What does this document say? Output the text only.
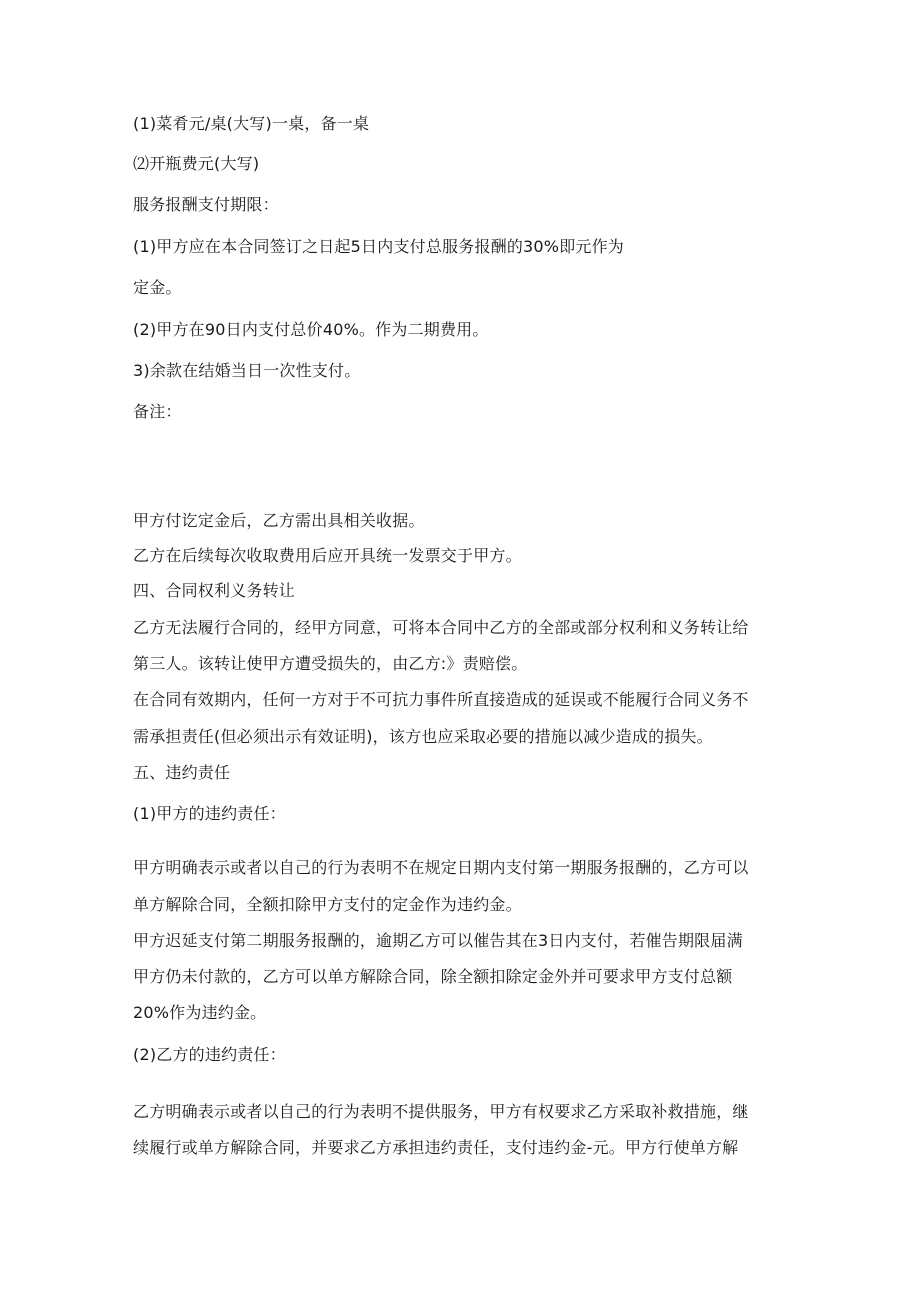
(1)菜肴元/桌(大写)一桌，备一桌
⑵开瓶费元(大写)
服务报酬支付期限：
(1)甲方应在本合同签订之日起5日内支付总服务报酬的30%即元作为
定金。
(2)甲方在90日内支付总价40%。作为二期费用。
3)余款在结婚当日一次性支付。
备注：
甲方付讫定金后，乙方需出具相关收据。
乙方在后续每次收取费用后应开具统一发票交于甲方。
四、合同权利义务转让
乙方无法履行合同的，经甲方同意，可将本合同中乙方的全部或部分权利和义务转让给
第三人。该转让使甲方遭受损失的，由乙方:》责赔偿。
在合同有效期内，任何一方对于不可抗力事件所直接造成的延误或不能履行合同义务不
需承担责任(但必须出示有效证明)，该方也应采取必要的措施以减少造成的损失。
五、违约责任
(1)甲方的违约责任：
甲方明确表示或者以自己的行为表明不在规定日期内支付第一期服务报酬的，乙方可以
单方解除合同，全额扣除甲方支付的定金作为违约金。
甲方迟延支付第二期服务报酬的，逾期乙方可以催告其在3日内支付，若催告期限届满
甲方仍未付款的，乙方可以单方解除合同，除全额扣除定金外并可要求甲方支付总额
20%作为违约金。
(2)乙方的违约责任：
乙方明确表示或者以自己的行为表明不提供服务，甲方有权要求乙方采取补救措施，继
续履行或单方解除合同，并要求乙方承担违约责任，支付违约金-元。甲方行使单方解
